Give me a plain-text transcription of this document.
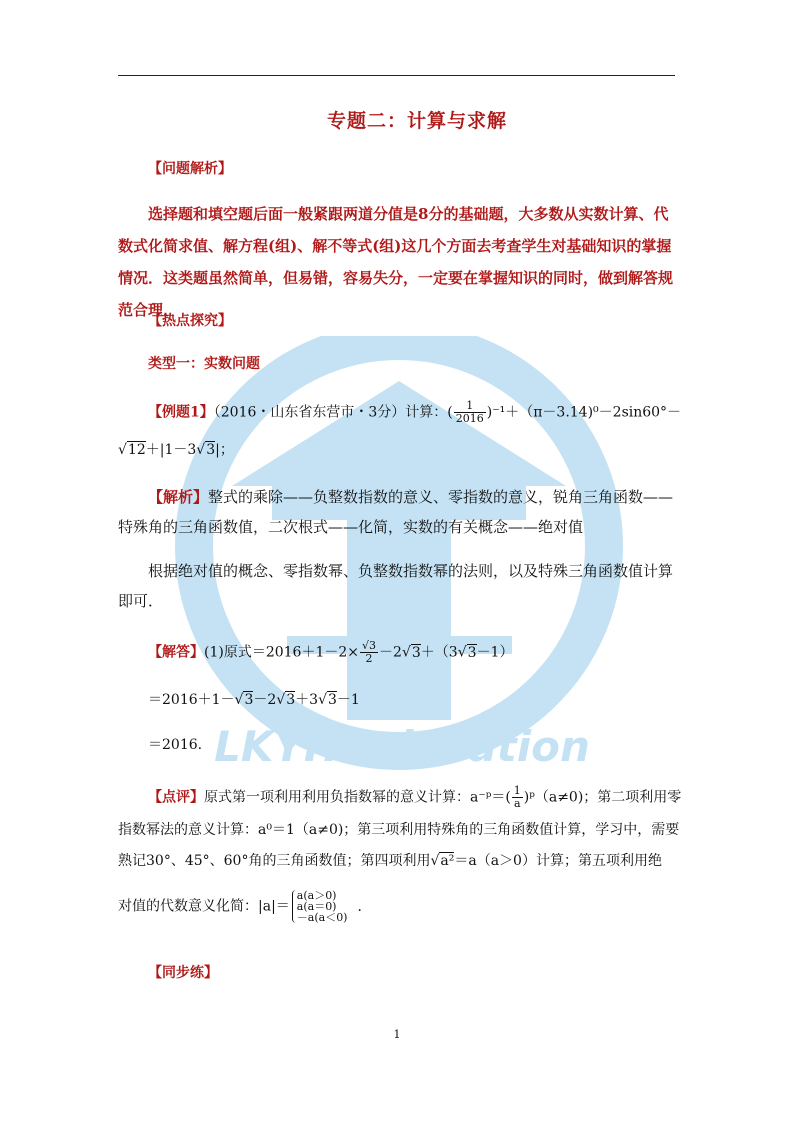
专题二：计算与求解
LKYH.education
【问题解析】
选择题和填空题后面一般紧跟两道分值是8分的基础题，大多数从实数计算、代数式化简求值、解方程(组)、解不等式(组)这几个方面去考查学生对基础知识的掌握情况．这类题虽然简单，但易错，容易失分，一定要在掌握知识的同时，做到解答规范合理．
【热点探究】
类型一：实数问题
【例题1】（2016・山东省东营市・3分）计算：( $\frac{1}{2016} )^{-1}+(\pi-3.14)^0-2\sin 60^\circ-$
√12＋|1－3√3|；
【解析】整式的乘除——负整数指数的意义、零指数的意义，锐角三角函数——特殊角的三角函数值，二次根式——化简，实数的有关概念——绝对值
根据绝对值的概念、零指数幂、负整数指数幂的法则，以及特殊三角函数值计算即可．
【解答】(1)原式$=2016+1-2\times \frac{√3}{2} -2√3+(3√3-1)$
＝2016＋1－√3－2√3＋3√3－1
＝2016.
【点评】原式第一项利用利用负指数幂的意义计算：a⁻ᵖ＝( $\frac{1}{a}$ )ᵖ（a≠0)；第二项利用零
指数幂法的意义计算：a⁰＝1（a≠0)；第三项利用特殊角的三角函数值计算，学习中，需要
熟记30°、45°、60°角的三角函数值；第四项利用√a²＝a（a＞0）计算；第五项利用绝
对值的代数意义化简：|a|＝
a(a＞0)
a(a＝0)
－a(a＜0)
．
【同步练】
1
